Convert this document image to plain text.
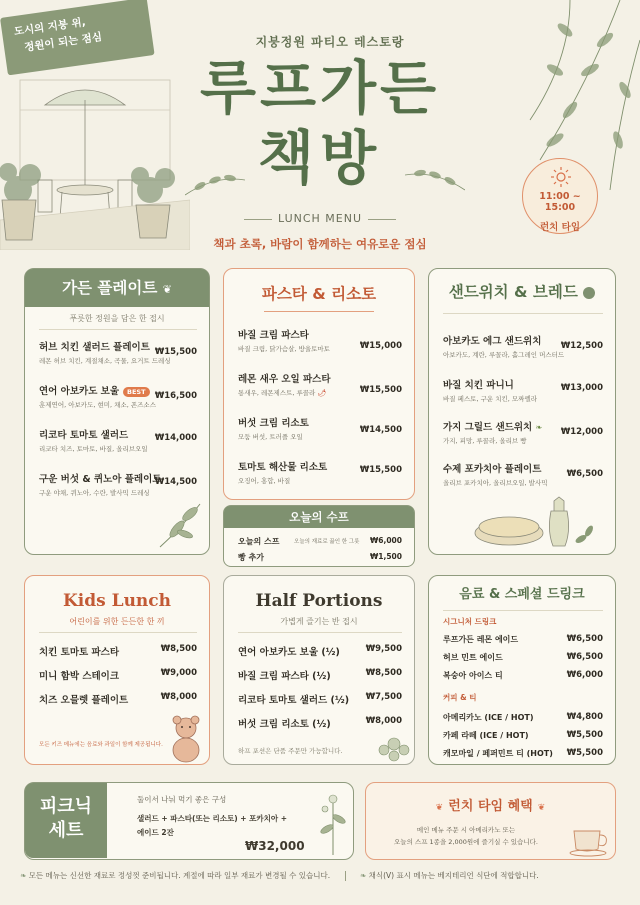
도시의 지붕 위,
정원이 되는 점심	지붕정원 파티오 레스토랑
루프가든
책방
LUNCH MENU
책과 초록, 바람이 함께하는 여유로운 점심
11:00 ~ 15:00
런치 타임
가든 플레이트 ❦
푸릇한 정원을 담은 한 접시
허브 치킨 샐러드 플레이트
레몬 허브 치킨, 계절채소, 곡물, 요거트 드레싱
₩15,500
연어 아보카도 보울 BEST
훈제연어, 아보카도, 현미, 채소, 폰즈소스
₩16,500
리코타 토마토 샐러드
리코타 치즈, 토마토, 바질, 올리브오일
₩14,000
구운 버섯 & 퀴노아 플레이트
구운 야채, 퀴노아, 수란, 발사믹 드레싱
₩14,500
파스타 & 리소토
바질 크림 파스타
바질 크림, 닭가슴살, 방울토마토	₩15,000
레몬 새우 오일 파스타
통새우, 레몬제스트, 루꼴라 🌶	₩15,500
버섯 크림 리소토
모둠 버섯, 트러플 오일
₩14,500
토마토 해산물 리소토
오징어, 홍합, 바질
₩15,500
오늘의 수프
오늘의 스프	오늘의 재료로 끓인 한 그릇 ₩6,000
빵 추가	₩1,500
샌드위치 & 브레드
아보카도 에그 샌드위치
아보카도, 계란, 루꼴라, 홀그레인 머스터드
₩12,500
바질 치킨 파니니
바질 페스토, 구운 치킨, 모짜렐라
₩13,000
가지 그릴드 샌드위치 ❧
가지, 피망, 루꼴라, 올리브 빵
₩12,000
수제 포카치아 플레이트
올리브 포카치아, 올리브오일, 발사믹
₩6,500
Kids Lunch
어린이를 위한 든든한 한 끼
치킨 토마토 파스타	₩8,500
미니 함박 스테이크	₩9,000
치즈 오믈렛 플레이트	₩8,000
모든 키즈 메뉴에는 음료와 과일이 함께 제공됩니다.
Half Portions
가볍게 즐기는 반 접시
연어 아보카도 보울 (½)	₩9,500
바질 크림 파스타 (½)	₩8,500
리코타 토마토 샐러드 (½) ₩7,500
버섯 크림 리소토 (½)	₩8,000
하프 포션은 단품 주문만 가능합니다.
음료 & 스페셜 드링크
시그니처 드링크
루프가든 레몬 에이드	₩6,500
허브 민트 에이드	₩6,500
복숭아 아이스 티	₩6,000
커피 & 티
아메리카노 (ICE / HOT)	₩4,800
카페 라떼 (ICE / HOT)	₩5,500
캐모마일 / 페퍼민트 티 (HOT) ₩5,500
피크닉
세트
둘이서 나눠 먹기 좋은 구성
샐러드 + 파스타(또는 리소토) + 포카치아 +
에이드 2잔
₩32,000
❦ 런치 타임 혜택 ❦
메인 메뉴 주문 시 아메리카노 또는
오늘의 스프 1종을 2,000원에 즐기실 수 있습니다.
❧ 모든 메뉴는 신선한 재료로 정성껏 준비됩니다. 계절에 따라 일부 재료가 변경될 수 있습니다.	❧ 채식(V) 표시 메뉴는 베지테리언 식단에 적합합니다.
